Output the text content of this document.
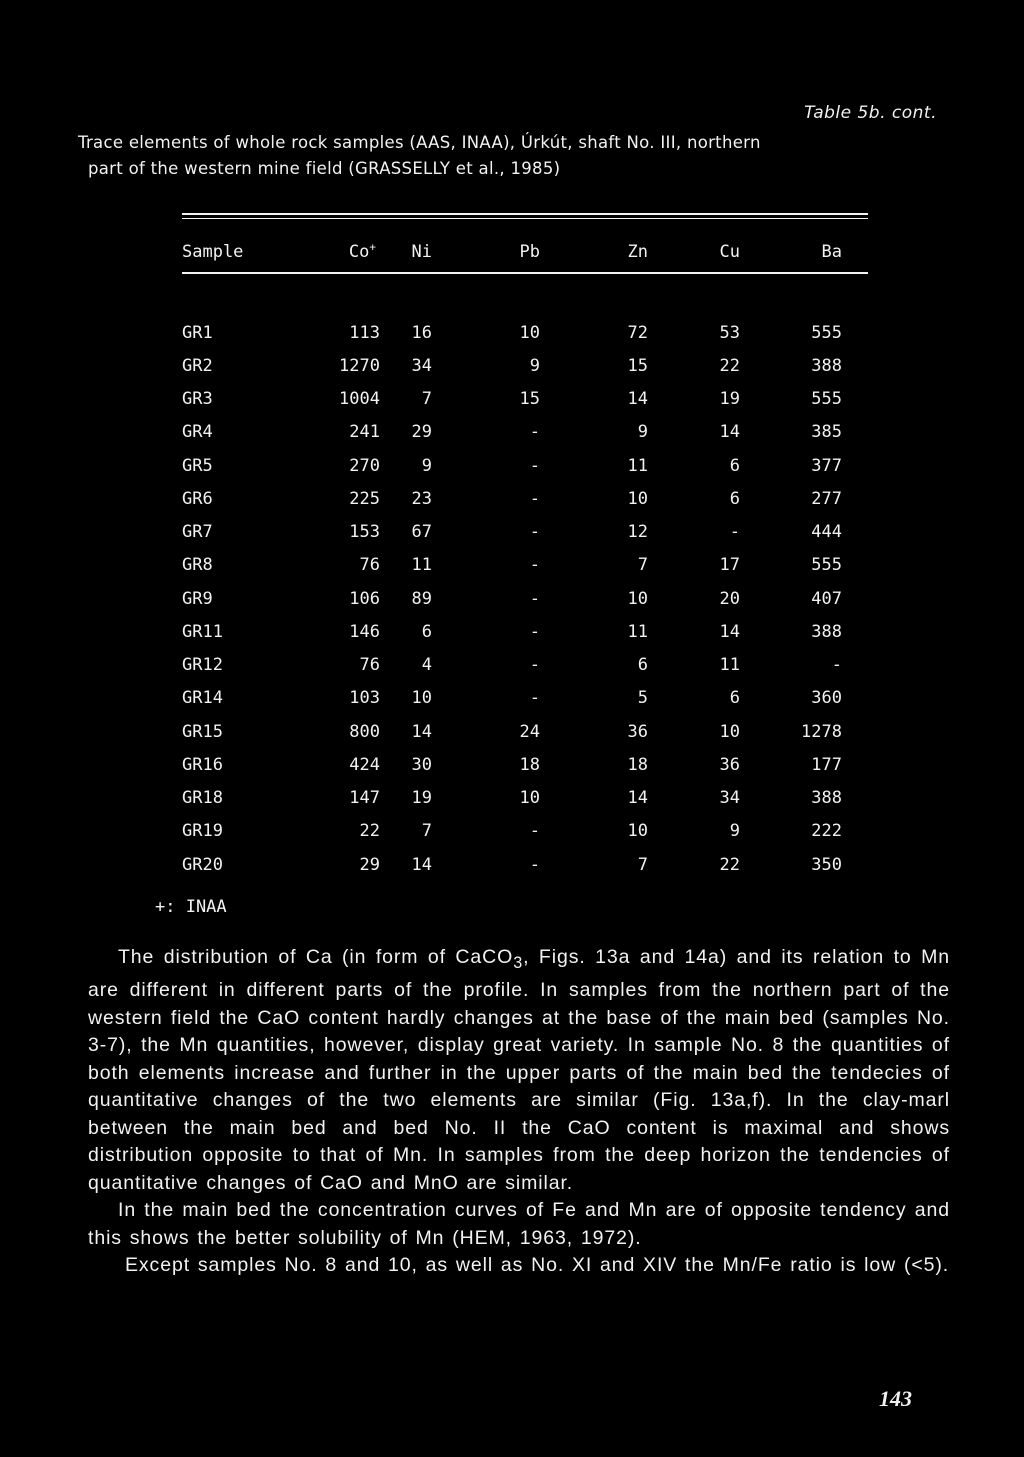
Table 5b. cont.
Trace elements of whole rock samples (AAS, INAA), Úrkút, shaft No. III, northern
part of the western mine field (GRASSELLY et al., 1985)
Sample	Co+	Ni	Pb	Zn	Cu	Ba
GR1	113	16	10	72	53	555
GR2	1270	34	9	15	22	388
GR3	1004	7	15	14	19	555
GR4	241	29	-	9	14	385
GR5	270	9	-	11	6	377
GR6	225	23	-	10	6	277
GR7	153	67	-	12	-	444
GR8	76	11	-	7	17	555
GR9	106	89	-	10	20	407
GR11	146	6	-	11	14	388
GR12	76	4	-	6	11	-
GR14	103	10	-	5	6	360
GR15	800	14	24	36	10	1278
GR16	424	30	18	18	36	177
GR18	147	19	10	14	34	388
GR19	22	7	-	10	9	222
GR20	29	14	-	7	22	350
+: INAA

The distribution of Ca (in form of CaCO$_3$, Figs. 13a and 14a) and its relation to Mn are different in different parts of the profile. In samples from the northern part of the western field the CaO content hardly changes at the base of the main bed (samples No. 3-7), the Mn quantities, however, display great variety. In sample No. 8 the quantities of both elements increase and further in the upper parts of the main bed the tendecies of quantitative changes of the two elements are similar (Fig. 13a,f). In the clay-marl between the main bed and bed No. II the CaO content is maximal and shows distribution opposite to that of Mn. In samples from the deep horizon the tendencies of quantitative changes of CaO and MnO are similar.

In the main bed the concentration curves of Fe and Mn are of opposite tendency and this shows the better solubility of Mn (HEM, 1963, 1972).

Except samples No. 8 and 10, as well as No. XI and XIV the Mn/Fe ratio is low (<5).

143
